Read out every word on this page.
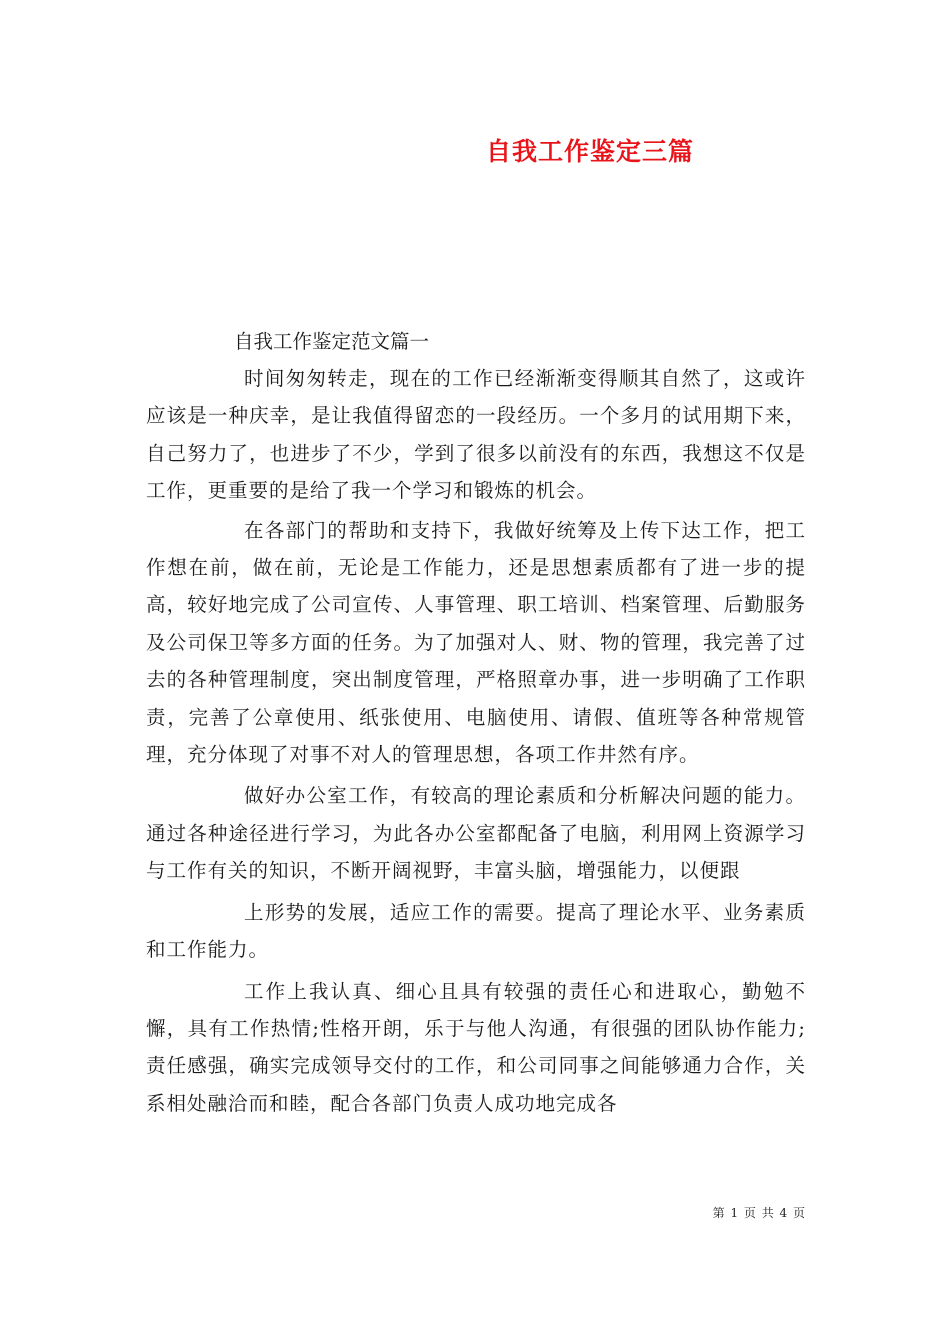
自我工作鉴定三篇

自我工作鉴定范文篇一

时间匆匆转走，现在的工作已经渐渐变得顺其自然了，这或许应该是一种庆幸，是让我值得留恋的一段经历。一个多月的试用期下来，自己努力了，也进步了不少，学到了很多以前没有的东西，我想这不仅是工作，更重要的是给了我一个学习和锻炼的机会。

在各部门的帮助和支持下，我做好统筹及上传下达工作，把工作想在前，做在前，无论是工作能力，还是思想素质都有了进一步的提高，较好地完成了公司宣传、人事管理、职工培训、档案管理、后勤服务及公司保卫等多方面的任务。为了加强对人、财、物的管理，我完善了过去的各种管理制度，突出制度管理，严格照章办事，进一步明确了工作职责，完善了公章使用、纸张使用、电脑使用、请假、值班等各种常规管理，充分体现了对事不对人的管理思想，各项工作井然有序。

做好办公室工作，有较高的理论素质和分析解决问题的能力。通过各种途径进行学习，为此各办公室都配备了电脑，利用网上资源学习与工作有关的知识，不断开阔视野，丰富头脑，增强能力，以便跟

上形势的发展，适应工作的需要。提高了理论水平、业务素质和工作能力。

工作上我认真、细心且具有较强的责任心和进取心，勤勉不懈，具有工作热情;性格开朗，乐于与他人沟通，有很强的团队协作能力;责任感强，确实完成领导交付的工作，和公司同事之间能够通力合作，关系相处融洽而和睦，配合各部门负责人成功地完成各

第 1 页 共 4 页
